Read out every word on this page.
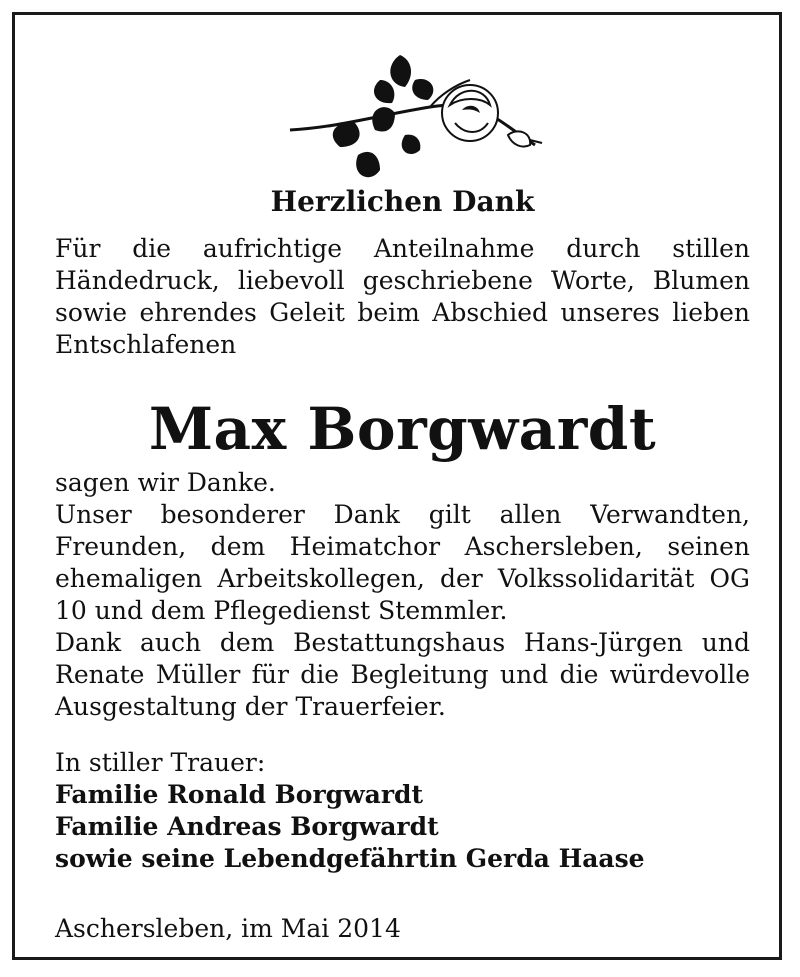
Herzlichen Dank
Für die aufrichtige Anteilnahme durch stillen
Händedruck, liebevoll geschriebene Worte, Blumen
sowie ehrendes Geleit beim Abschied unseres lieben
Entschlafenen
Max Borgwardt
sagen wir Danke.
Unser besonderer Dank gilt allen Verwandten,
Freunden, dem Heimatchor Aschersleben, seinen
ehemaligen Arbeitskollegen, der Volkssolidarität OG
10 und dem Pflegedienst Stemmler.
Dank auch dem Bestattungshaus Hans-Jürgen und
Renate Müller für die Begleitung und die würdevolle
Ausgestaltung der Trauerfeier.
In stiller Trauer:
Familie Ronald Borgwardt
Familie Andreas Borgwardt
sowie seine Lebendgefährtin Gerda Haase
Aschersleben, im Mai 2014
